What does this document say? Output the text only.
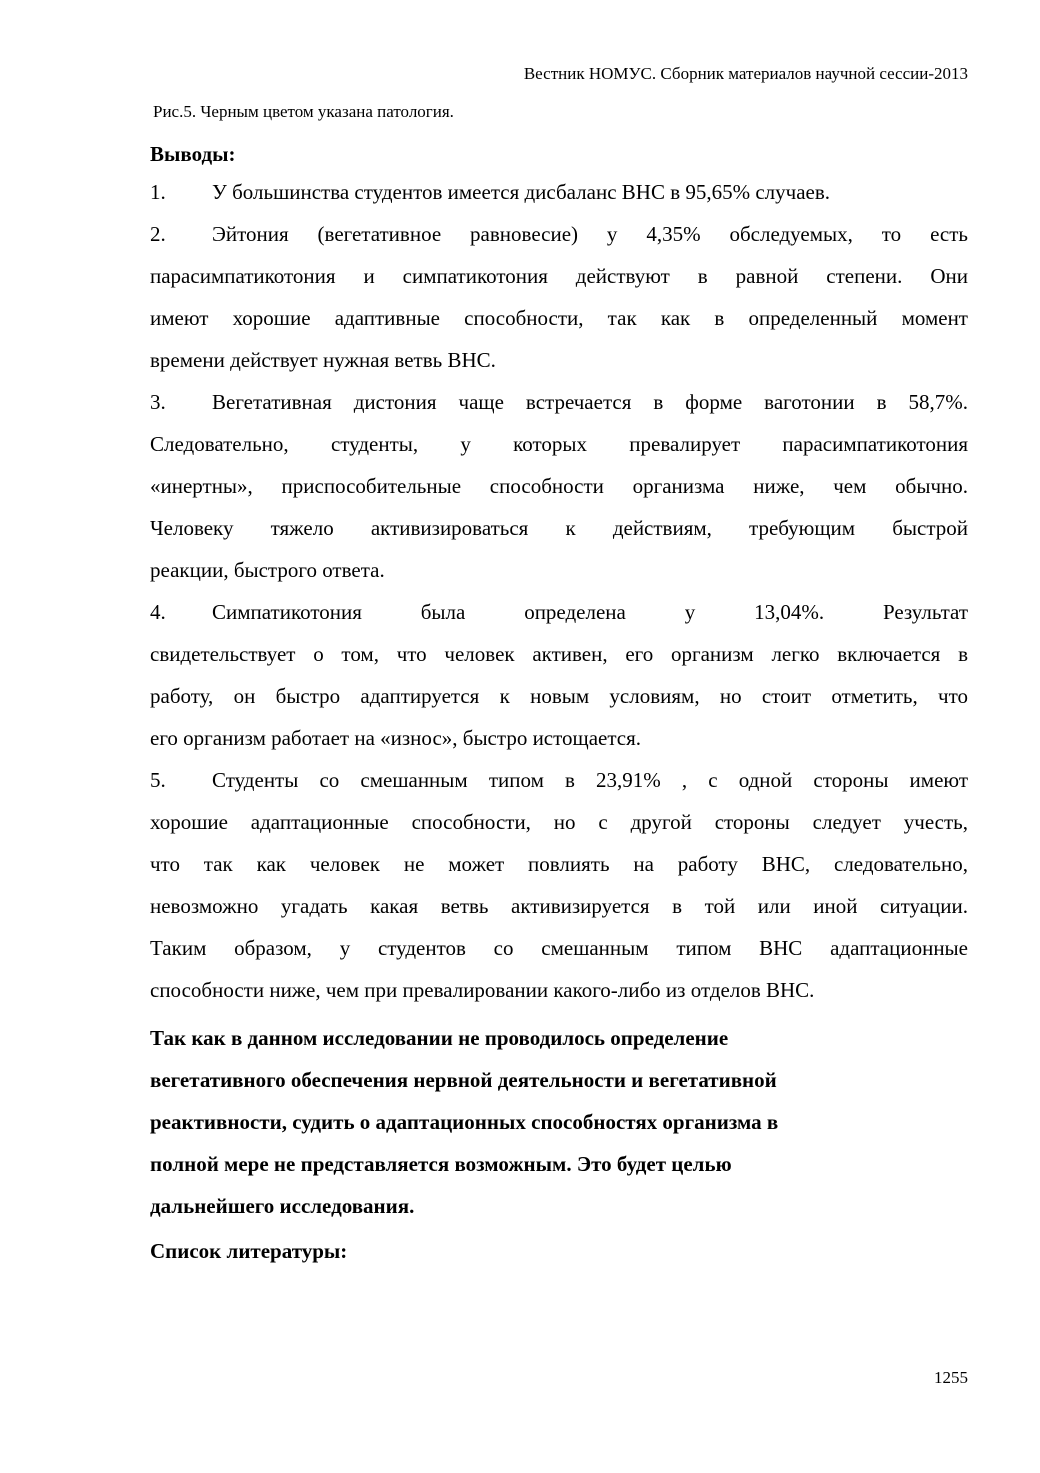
Вестник НОМУС. Сборник материалов научной сессии-2013
Рис.5. Черным цветом указана патология.
Выводы:
1. У большинства студентов имеется дисбаланс ВНС в 95,65% случаев.
2. Эйтония (вегетативное равновесие) у 4,35% обследуемых, то есть
парасимпатикотония и симпатикотония действуют в равной степени. Они
имеют хорошие адаптивные способности, так как в определенный момент
времени действует нужная ветвь ВНС.
3. Вегетативная дистония чаще встречается в форме ваготонии в 58,7%.
Следовательно, студенты, у которых превалирует парасимпатикотония
«инертны», приспособительные способности организма ниже, чем обычно.
Человеку тяжело активизироваться к действиям, требующим быстрой
реакции, быстрого ответа.
4. Симпатикотония была определена у 13,04%. Результат
свидетельствует о том, что человек активен, его организм легко включается в
работу, он быстро адаптируется к новым условиям, но стоит отметить, что
его организм работает на «износ», быстро истощается.
5. Студенты со смешанным типом в 23,91% , с одной стороны имеют
хорошие адаптационные способности, но с другой стороны следует учесть,
что так как человек не может повлиять на работу ВНС, следовательно,
невозможно угадать какая ветвь активизируется в той или иной ситуации.
Таким образом, у студентов со смешанным типом ВНС адаптационные
способности ниже, чем при превалировании какого-либо из отделов ВНС.

Так как в данном исследовании не проводилось определение

вегетативного обеспечения нервной деятельности и вегетативной

реактивности, судить о адаптационных способностях организма в

полной мере не представляется возможным. Это будет целью

дальнейшего исследования.

Список литературы:
1255
